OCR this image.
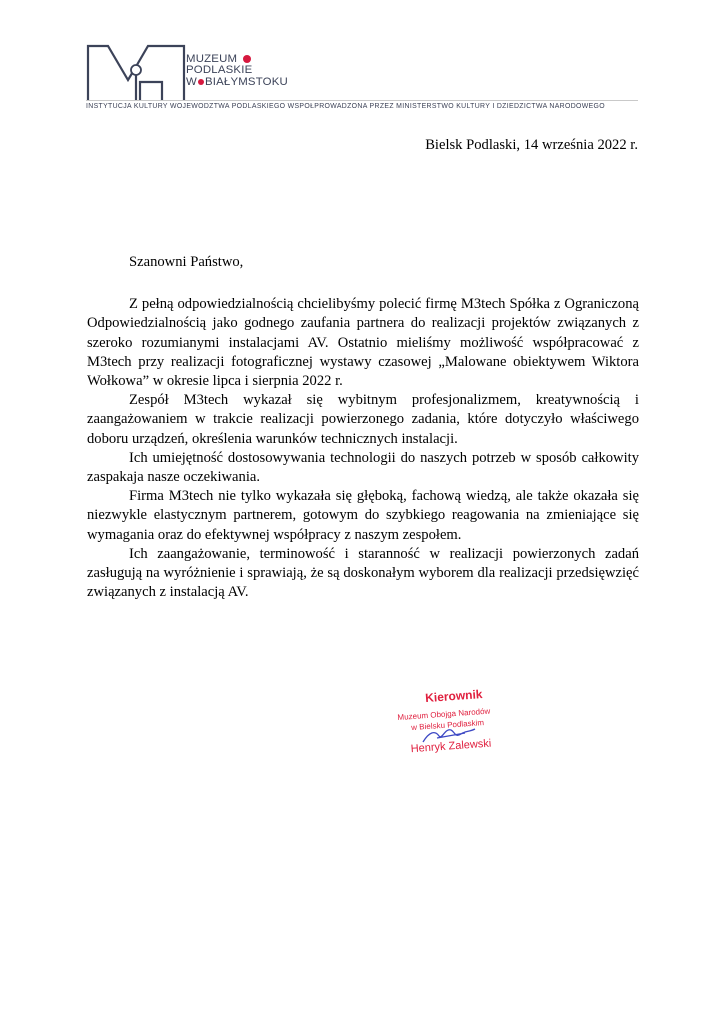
MUZEUM
PODLASKIE
W BIAŁYMSTOKU
INSTYTUCJA KULTURY WOJEWÓDZTWA PODLASKIEGO WSPÓŁPROWADZONA PRZEZ MINISTERSTWO KULTURY I DZIEDZICTWA NARODOWEGO
Bielsk Podlaski, 14 września 2022 r.

Szanowni Państwo,

Z pełną odpowiedzialnością chcielibyśmy polecić firmę M3tech Spółka z Ograniczoną Odpowiedzialnością jako godnego zaufania partnera do realizacji projektów związanych z szeroko rozumianymi instalacjami AV. Ostatnio mieliśmy możliwość współpracować z M3tech przy realizacji fotograficznej wystawy czasowej „Malowane obiektywem Wiktora Wołkowa” w okresie lipca i sierpnia 2022 r.

Zespół M3tech wykazał się wybitnym profesjonalizmem, kreatywnością i zaangażowaniem w trakcie realizacji powierzonego zadania, które dotyczyło właściwego doboru urządzeń, określenia warunków technicznych instalacji.

Ich umiejętność dostosowywania technologii do naszych potrzeb w sposób całkowity zaspakaja nasze oczekiwania.

Firma M3tech nie tylko wykazała się głęboką, fachową wiedzą, ale także okazała się niezwykle elastycznym partnerem, gotowym do szybkiego reagowania na zmieniające się wymagania oraz do efektywnej współpracy z naszym zespołem.

Ich zaangażowanie, terminowość i staranność w realizacji powierzonych zadań zasługują na wyróżnienie i sprawiają, że są doskonałym wyborem dla realizacji przedsięwzięć związanych z instalacją AV.

Kierownik
Muzeum Obojga Narodów
w Bielsku Podlaskim
Henryk Zalewski
